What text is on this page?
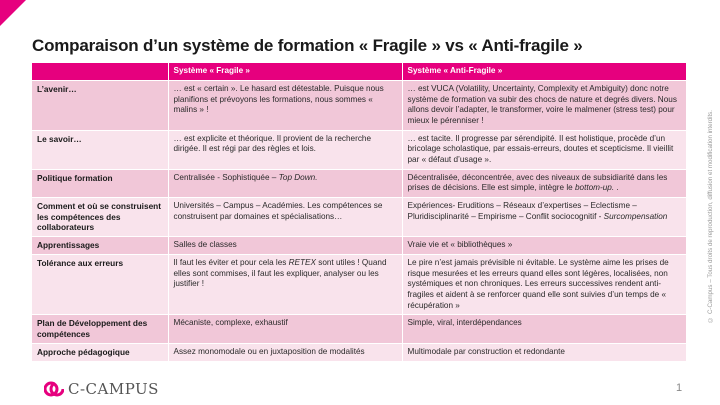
Comparaison d’un système de formation « Fragile » vs « Anti-fragile »
	Système « Fragile »	Système « Anti-Fragile »
L’avenir…	… est « certain ». Le hasard est détestable. Puisque nous planifions et prévoyons les formations, nous sommes « malins » !	… est VUCA (Volatility, Uncertainty, Complexity et Ambiguity) donc notre système de formation va subir des chocs de nature et degrés divers. Nous allons devoir l’adapter, le transformer, voire le malmener (stress test) pour mieux le pérenniser !
Le savoir…	… est explicite et théorique. Il provient de la recherche dirigée. Il est régi par des règles et lois.	… est tacite. Il progresse par sérendipité. Il est holistique, procède d’un bricolage scholastique, par essais-erreurs, doutes et scepticisme. Il vieillit par « défaut d’usage ».
Politique formation	Centralisée - Sophistiquée – Top Down.	Décentralisée, déconcentrée, avec des niveaux de subsidiarité dans les prises de décisions. Elle est simple, intègre le bottom-up. .
Comment et où se construisent les compétences des collaborateurs	Universités – Campus – Académies. Les compétences se construisent par domaines et spécialisations…	Expériences- Eruditions – Réseaux d’expertises – Eclectisme – Pluridisciplinarité – Empirisme – Conflit sociocognitif - Surcompensation
Apprentissages	Salles de classes	Vraie vie et « bibliothèques »
Tolérance aux erreurs	Il faut les éviter et pour cela les RETEX sont utiles ! Quand elles sont commises, il faut les expliquer, analyser ou les justifier !	Le pire n’est jamais prévisible ni évitable. Le système aime les prises de risque mesurées et les erreurs quand elles sont légères, localisées, non systémiques et non chroniques. Les erreurs successives rendent anti-fragiles et aident à se renforcer quand elle sont suivies d’un temps de « récupération »
Plan de Développement des compétences	Mécaniste, complexe, exhaustif	Simple, viral, interdépendances
Approche pédagogique	Assez monomodale ou en juxtaposition de modalités	Multimodale par construction et redondante
© C-Campus – Tous droits de reproduction, diffusion et modification interdits.
C-CAMPUS	1
